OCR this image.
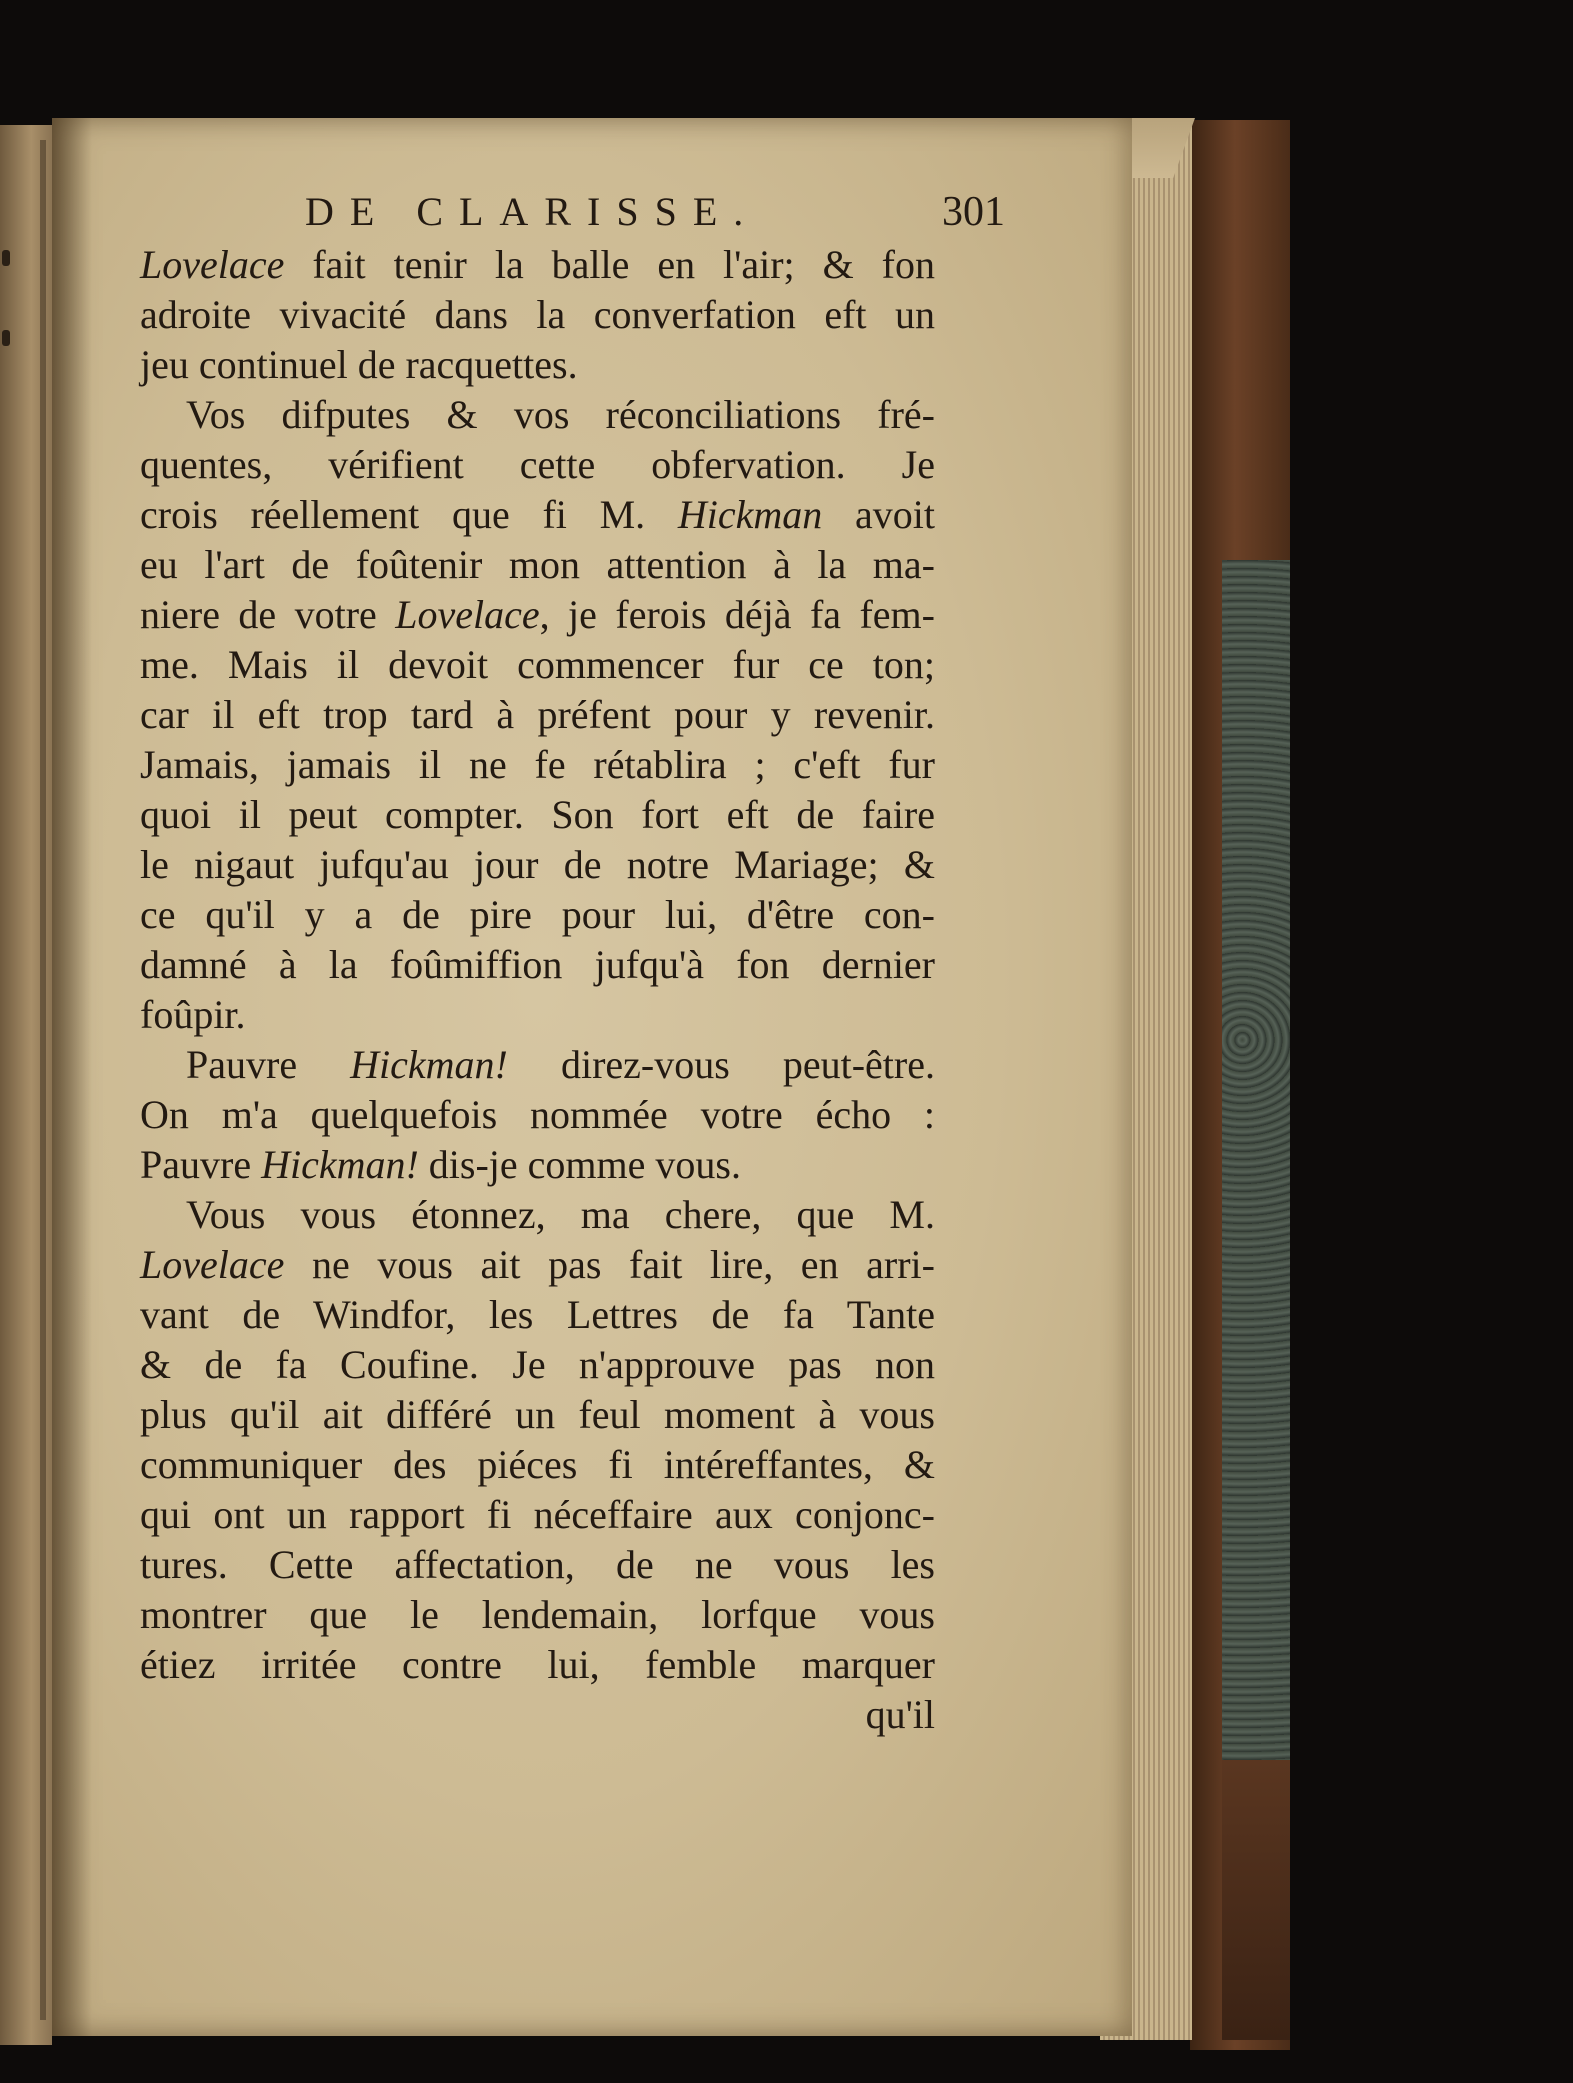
DE CLARISSE.	301
Lovelace fait tenir la balle en l'air; & fon
adroite vivacité dans la converfation eft un
jeu continuel de racquettes.
Vos difputes & vos réconciliations fré-
quentes, vérifient cette obfervation. Je
crois réellement que fi M. Hickman avoit
eu l'art de foûtenir mon attention à la ma-
niere de votre Lovelace, je ferois déjà fa fem-
me. Mais il devoit commencer fur ce ton;
car il eft trop tard à préfent pour y revenir.
Jamais, jamais il ne fe rétablira ; c'eft fur
quoi il peut compter. Son fort eft de faire
le nigaut jufqu'au jour de notre Mariage; &
ce qu'il y a de pire pour lui, d'être con-
damné à la foûmiffion jufqu'à fon dernier
foûpir.
Pauvre Hickman! direz-vous peut-être.
On m'a quelquefois nommée votre écho :
Pauvre Hickman! dis-je comme vous.
Vous vous étonnez, ma chere, que M.
Lovelace ne vous ait pas fait lire, en arri-
vant de Windfor, les Lettres de fa Tante
& de fa Coufine. Je n'approuve pas non
plus qu'il ait différé un feul moment à vous
communiquer des piéces fi intéreffantes, &
qui ont un rapport fi néceffaire aux conjonc-
tures. Cette affectation, de ne vous les
montrer que le lendemain, lorfque vous
étiez irritée contre lui, femble marquer
qu'il
